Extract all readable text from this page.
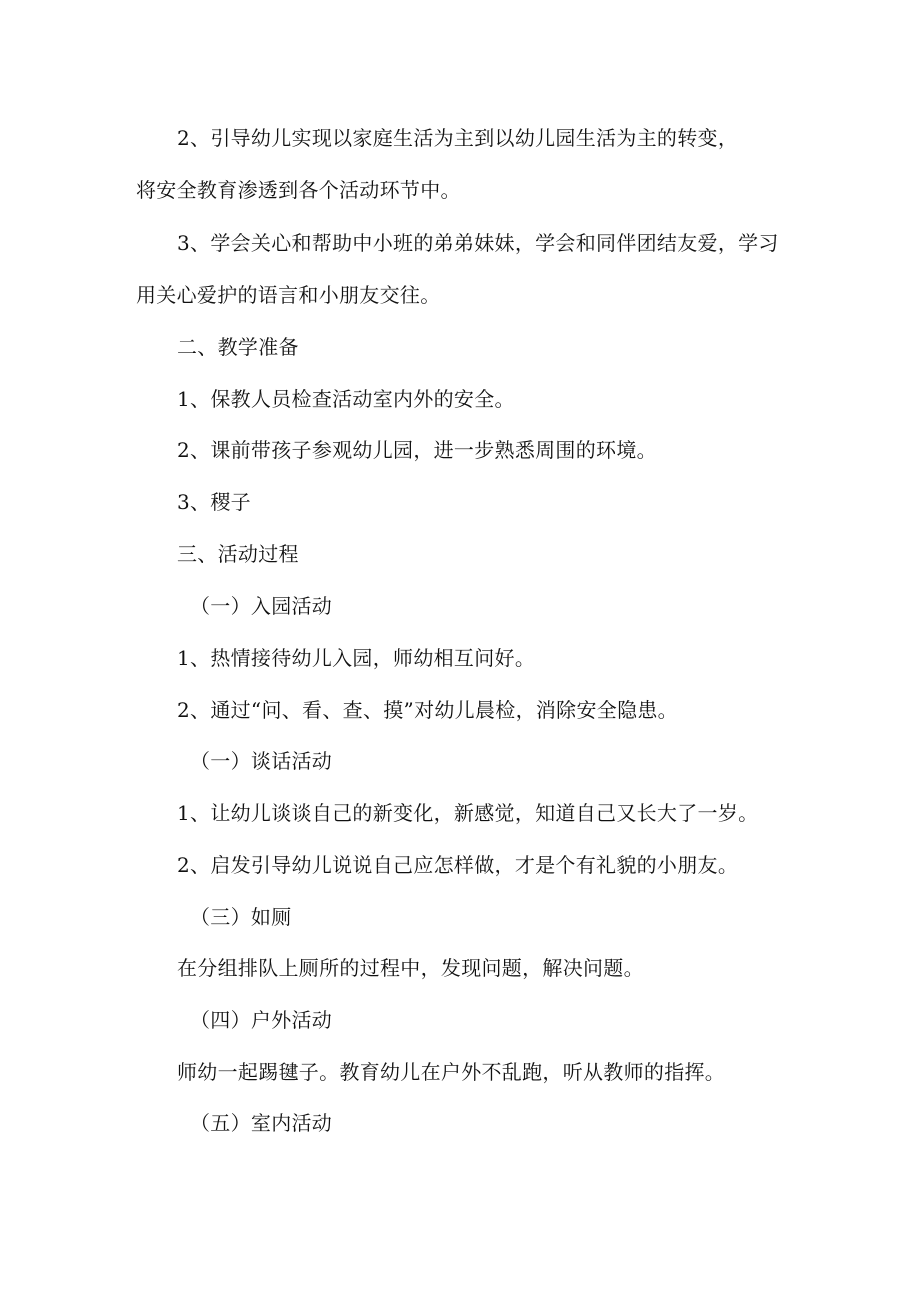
2、引导幼儿实现以家庭生活为主到以幼儿园生活为主的转变，
将安全教育渗透到各个活动环节中。
3、学会关心和帮助中小班的弟弟妹妹，学会和同伴团结友爱，学习
用关心爱护的语言和小朋友交往。
二、教学准备
1、保教人员检查活动室内外的安全。
2、课前带孩子参观幼儿园，进一步熟悉周围的环境。
3、稷子
三、活动过程
（一）入园活动
1、热情接待幼儿入园，师幼相互问好。
2、通过“问、看、查、摸”对幼儿晨检，消除安全隐患。
（一）谈话活动
1、让幼儿谈谈自己的新变化，新感觉，知道自己又长大了一岁。
2、启发引导幼儿说说自己应怎样做，才是个有礼貌的小朋友。
（三）如厕
在分组排队上厕所的过程中，发现问题，解决问题。
（四）户外活动
师幼一起踢毽子。教育幼儿在户外不乱跑，听从教师的指挥。
（五）室内活动
